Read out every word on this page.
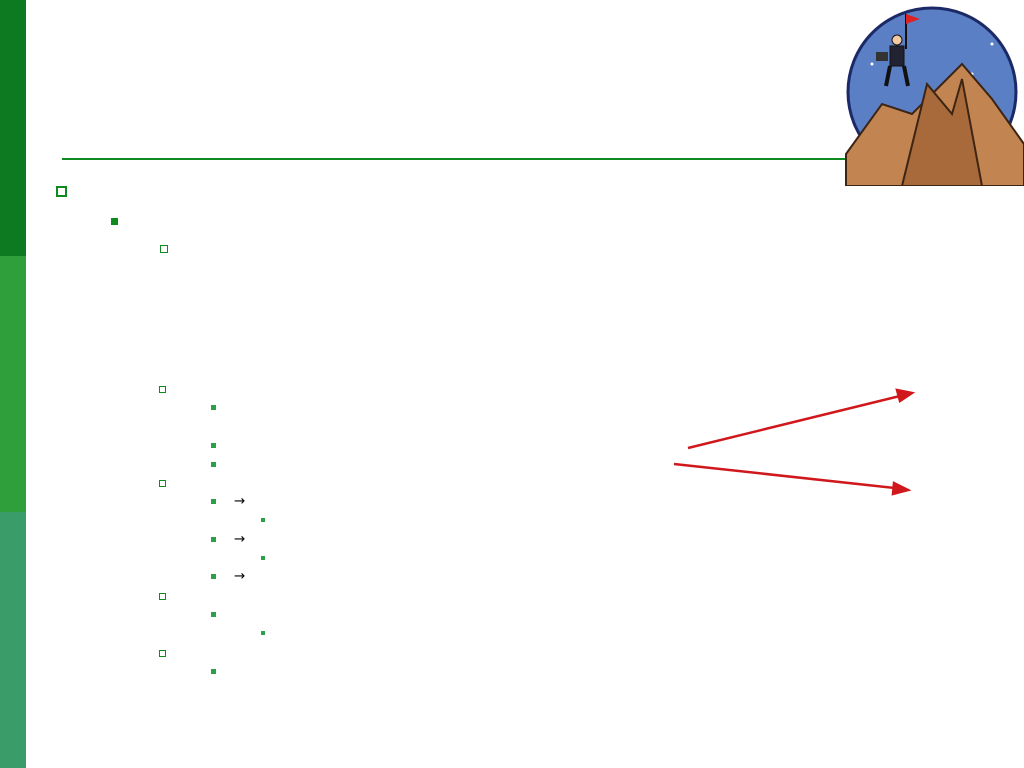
→
→
→
